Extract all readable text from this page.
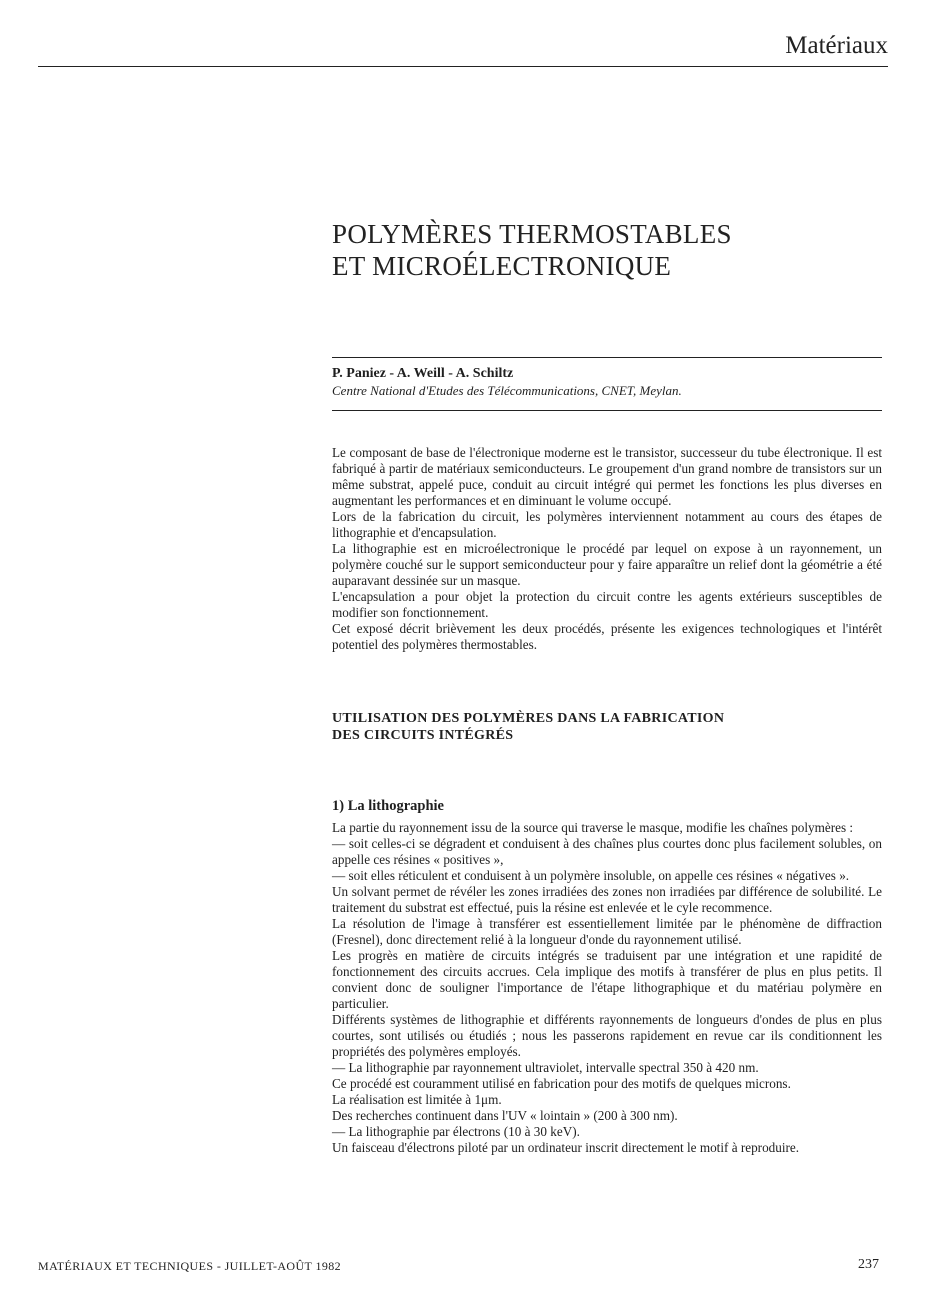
Matériaux
POLYMÈRES THERMOSTABLES
ET MICROÉLECTRONIQUE
P. Paniez - A. Weill - A. Schiltz
Centre National d'Etudes des Télécommunications, CNET, Meylan.

Le composant de base de l'électronique moderne est le transistor, successeur du tube électronique. Il est fabriqué à partir de matériaux semiconducteurs. Le groupement d'un grand nombre de transistors sur un même substrat, appelé puce, conduit au circuit intégré qui permet les fonctions les plus diverses en augmentant les performances et en diminuant le volume occupé.

Lors de la fabrication du circuit, les polymères interviennent notamment au cours des étapes de lithographie et d'encapsulation.

La lithographie est en microélectronique le procédé par lequel on expose à un rayonnement, un polymère couché sur le support semiconducteur pour y faire apparaître un relief dont la géométrie a été auparavant dessinée sur un masque.

L'encapsulation a pour objet la protection du circuit contre les agents extérieurs susceptibles de modifier son fonctionnement.

Cet exposé décrit brièvement les deux procédés, présente les exigences technologiques et l'intérêt potentiel des polymères thermostables.

UTILISATION DES POLYMÈRES DANS LA FABRICATION
DES CIRCUITS INTÉGRÉS
1) La lithographie

La partie du rayonnement issu de la source qui traverse le masque, modifie les chaînes polymères :

— soit celles-ci se dégradent et conduisent à des chaînes plus courtes donc plus facilement solubles, on appelle ces résines « positives »,

— soit elles réticulent et conduisent à un polymère insoluble, on appelle ces résines « négatives ».

Un solvant permet de révéler les zones irradiées des zones non irradiées par différence de solubilité. Le traitement du substrat est effectué, puis la résine est enlevée et le cyle recommence.

La résolution de l'image à transférer est essentiellement limitée par le phénomène de diffraction (Fresnel), donc directement relié à la longueur d'onde du rayonnement utilisé.

Les progrès en matière de circuits intégrés se traduisent par une intégration et une rapidité de fonctionnement des circuits accrues. Cela implique des motifs à transférer de plus en plus petits. Il convient donc de souligner l'importance de l'étape lithographique et du matériau polymère en particulier.

Différents systèmes de lithographie et différents rayonnements de longueurs d'ondes de plus en plus courtes, sont utilisés ou étudiés ; nous les passerons rapidement en revue car ils conditionnent les propriétés des polymères employés.

— La lithographie par rayonnement ultraviolet, intervalle spectral 350 à 420 nm.

Ce procédé est couramment utilisé en fabrication pour des motifs de quelques microns.

La réalisation est limitée à 1μm.

Des recherches continuent dans l'UV « lointain » (200 à 300 nm).

— La lithographie par électrons (10 à 30 keV).

Un faisceau d'électrons piloté par un ordinateur inscrit directement le motif à reproduire.

MATÉRIAUX ET TECHNIQUES - JUILLET-AOÛT 1982	237
